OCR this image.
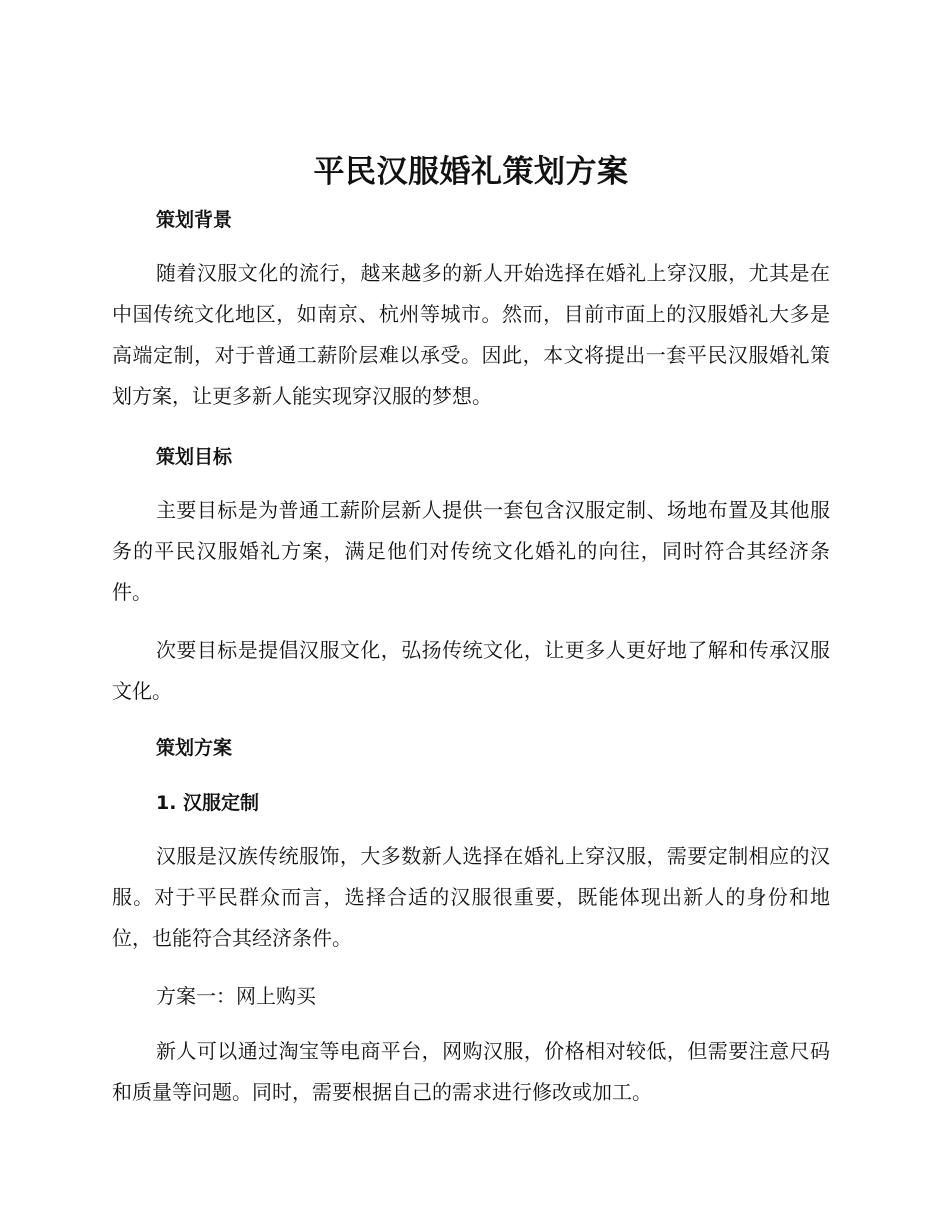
平民汉服婚礼策划方案
策划背景

随着汉服文化的流行，越来越多的新人开始选择在婚礼上穿汉服，尤其是在中国传统文化地区，如南京、杭州等城市。然而，目前市面上的汉服婚礼大多是高端定制，对于普通工薪阶层难以承受。因此，本文将提出一套平民汉服婚礼策划方案，让更多新人能实现穿汉服的梦想。

策划目标

主要目标是为普通工薪阶层新人提供一套包含汉服定制、场地布置及其他服务的平民汉服婚礼方案，满足他们对传统文化婚礼的向往，同时符合其经济条件。

次要目标是提倡汉服文化，弘扬传统文化，让更多人更好地了解和传承汉服文化。

策划方案
1. 汉服定制

汉服是汉族传统服饰，大多数新人选择在婚礼上穿汉服，需要定制相应的汉服。对于平民群众而言，选择合适的汉服很重要，既能体现出新人的身份和地位，也能符合其经济条件。

方案一：网上购买

新人可以通过淘宝等电商平台，网购汉服，价格相对较低，但需要注意尺码和质量等问题。同时，需要根据自己的需求进行修改或加工。
